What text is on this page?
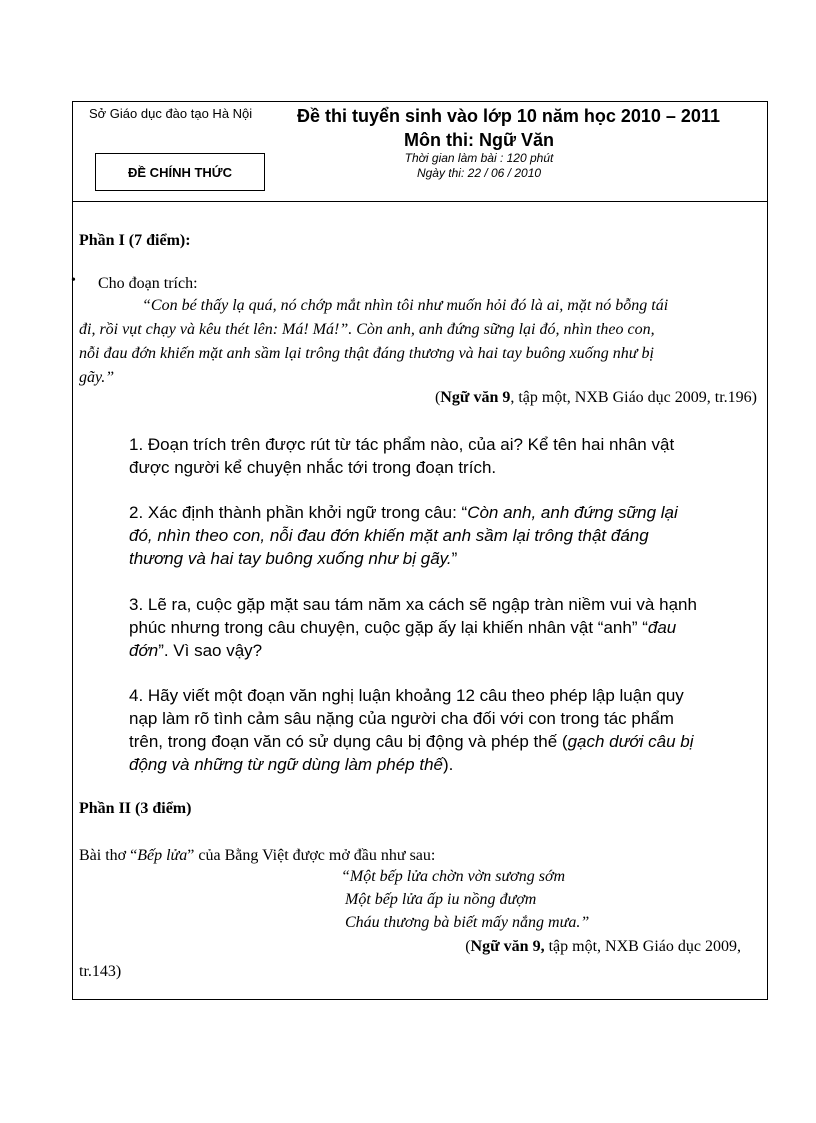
Sở Giáo dục đào tạo Hà Nội
ĐỀ CHÍNH THỨC
Đề thi tuyển sinh vào lớp 10 năm học 2010 – 2011
Môn thi: Ngữ Văn
Thời gian làm bài : 120 phút
Ngày thi: 22 / 06 / 2010
Phần I (7 điểm):
• Cho đoạn trích:
“Con bé thấy lạ quá, nó chớp mắt nhìn tôi như muốn hỏi đó là ai, mặt nó bỗng tái
đi, rồi vụt chạy và kêu thét lên: Má! Má!”. Còn anh, anh đứng sững lại đó, nhìn theo con,
nỗi đau đớn khiến mặt anh sầm lại trông thật đáng thương và hai tay buông xuống như bị
gãy.”
(Ngữ văn 9, tập một, NXB Giáo dục 2009, tr.196)
1. Đoạn trích trên được rút từ tác phẩm nào, của ai? Kể tên hai nhân vật
được người kể chuyện nhắc tới trong đoạn trích.
2. Xác định thành phần khởi ngữ trong câu: “Còn anh, anh đứng sững lại
đó, nhìn theo con, nỗi đau đớn khiến mặt anh sầm lại trông thật đáng
thương và hai tay buông xuống như bị gãy.”
3. Lẽ ra, cuộc gặp mặt sau tám năm xa cách sẽ ngập tràn niềm vui và hạnh
phúc nhưng trong câu chuyện, cuộc gặp ấy lại khiến nhân vật “anh” “đau
đớn”. Vì sao vậy?
4. Hãy viết một đoạn văn nghị luận khoảng 12 câu theo phép lập luận quy
nạp làm rõ tình cảm sâu nặng của người cha đối với con trong tác phẩm
trên, trong đoạn văn có sử dụng câu bị động và phép thế (gạch dưới câu bị
động và những từ ngữ dùng làm phép thế).
Phần II (3 điểm)
Bài thơ “Bếp lửa” của Bằng Việt được mở đầu như sau:
“Một bếp lửa chờn vờn sương sớm
Một bếp lửa ấp iu nồng đượm
Cháu thương bà biết mấy nắng mưa.”
(Ngữ văn 9, tập một, NXB Giáo dục 2009,
tr.143)
